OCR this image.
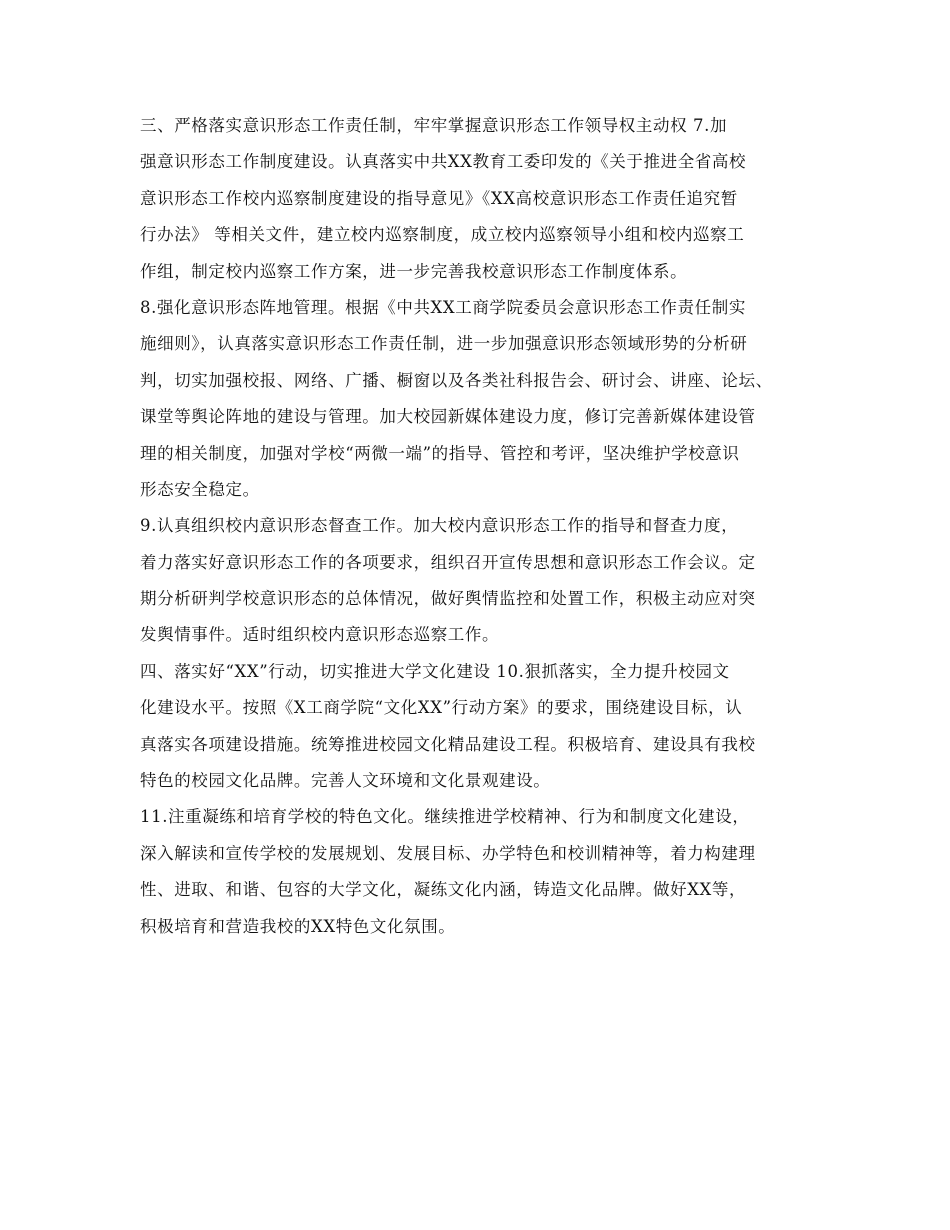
三、严格落实意识形态工作责任制，牢牢掌握意识形态工作领导权主动权 7.加
强意识形态工作制度建设。认真落实中共XX教育工委印发的《关于推进全省高校
意识形态工作校内巡察制度建设的指导意见》《XX高校意识形态工作责任追究暂
行办法》 等相关文件，建立校内巡察制度，成立校内巡察领导小组和校内巡察工
作组，制定校内巡察工作方案，进一步完善我校意识形态工作制度体系。
8.强化意识形态阵地管理。根据《中共XX工商学院委员会意识形态工作责任制实
施细则》，认真落实意识形态工作责任制，进一步加强意识形态领域形势的分析研
判，切实加强校报、网络、广播、橱窗以及各类社科报告会、研讨会、讲座、论坛、
课堂等舆论阵地的建设与管理。加大校园新媒体建设力度，修订完善新媒体建设管
理的相关制度，加强对学校“两微一端”的指导、管控和考评，坚决维护学校意识
形态安全稳定。
9.认真组织校内意识形态督查工作。加大校内意识形态工作的指导和督查力度，
着力落实好意识形态工作的各项要求，组织召开宣传思想和意识形态工作会议。定
期分析研判学校意识形态的总体情况，做好舆情监控和处置工作，积极主动应对突
发舆情事件。适时组织校内意识形态巡察工作。
四、落实好“XX”行动，切实推进大学文化建设 10.狠抓落实，全力提升校园文
化建设水平。按照《X工商学院“文化XX”行动方案》的要求，围绕建设目标，认
真落实各项建设措施。统筹推进校园文化精品建设工程。积极培育、建设具有我校
特色的校园文化品牌。完善人文环境和文化景观建设。
11.注重凝练和培育学校的特色文化。继续推进学校精神、行为和制度文化建设，
深入解读和宣传学校的发展规划、发展目标、办学特色和校训精神等，着力构建理
性、进取、和谐、包容的大学文化，凝练文化内涵，铸造文化品牌。做好XX等，
积极培育和营造我校的XX特色文化氛围。
